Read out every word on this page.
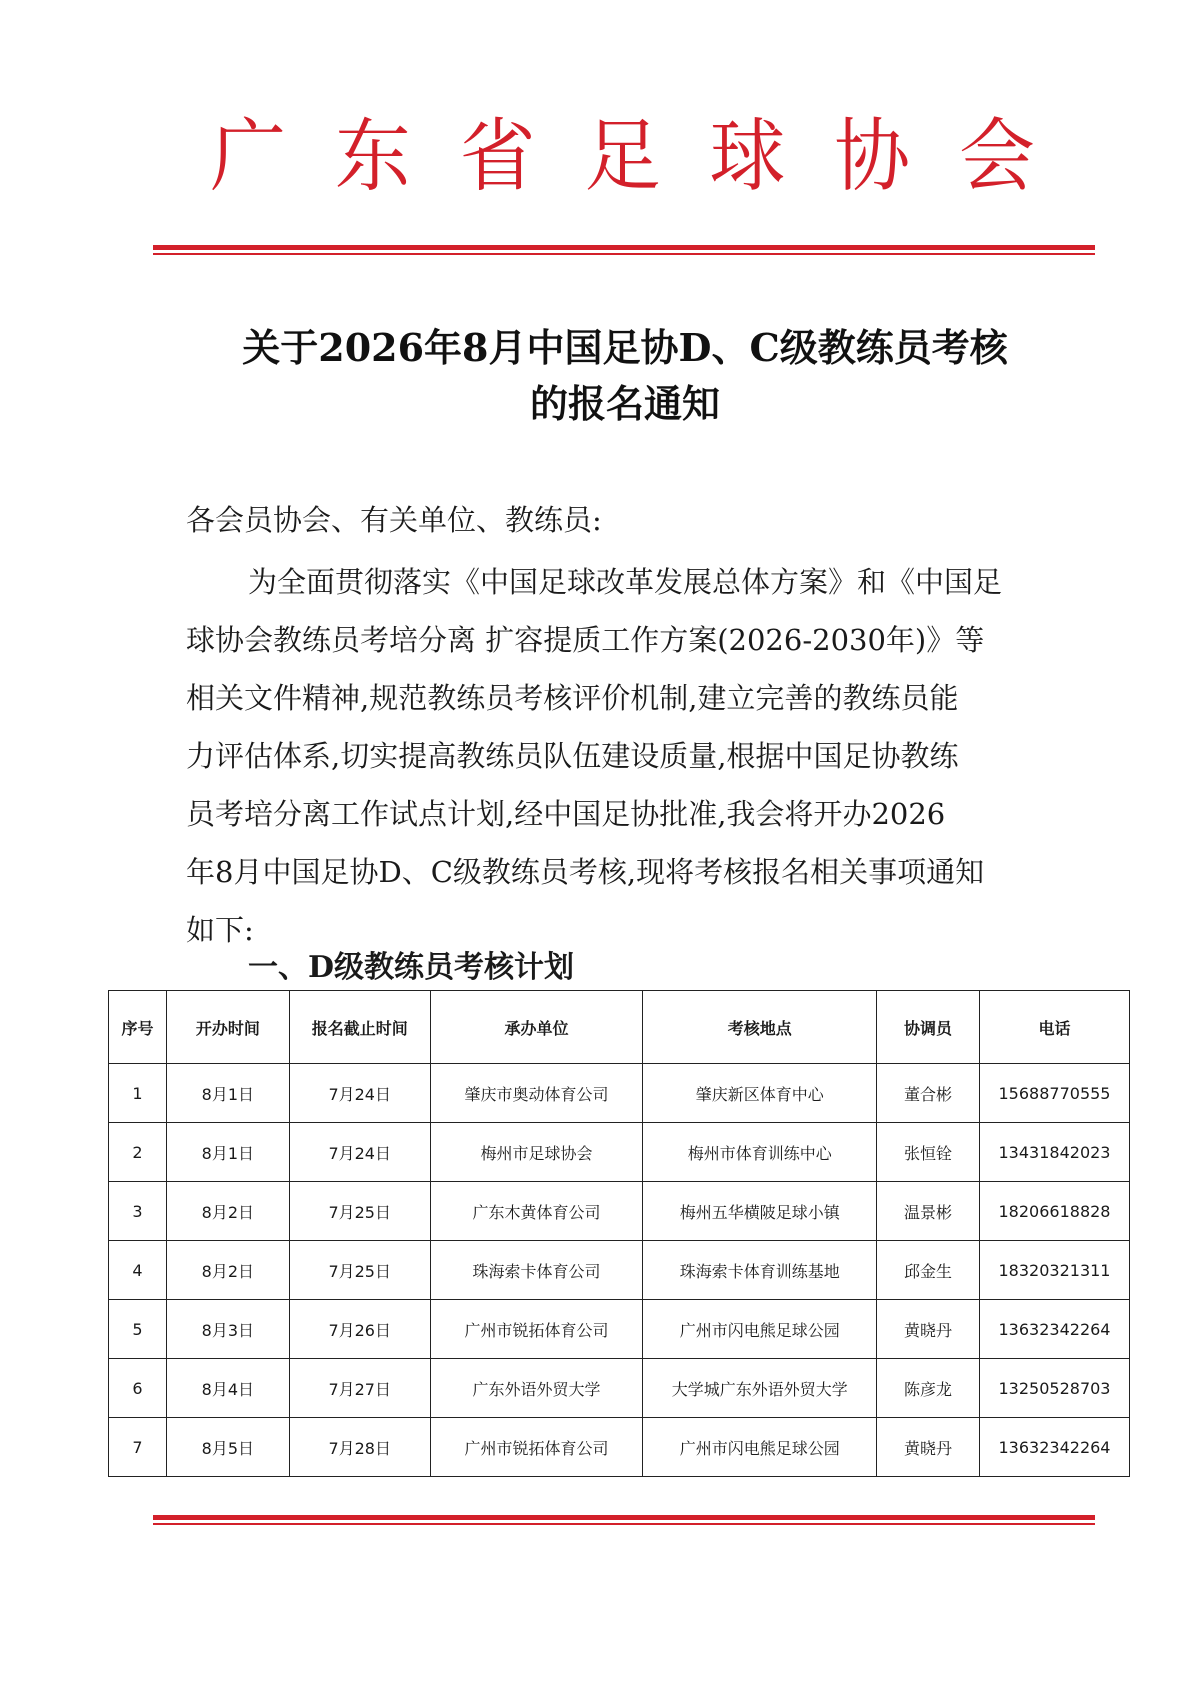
广 东 省 足 球 协 会
关于2026年8月中国足协D、C级教练员考核
的报名通知
各会员协会、有关单位、教练员:
为全面贯彻落实《中国足球改革发展总体方案》和《中国足
球协会教练员考培分离 扩容提质工作方案(2026-2030年)》等
相关文件精神,规范教练员考核评价机制,建立完善的教练员能
力评估体系,切实提高教练员队伍建设质量,根据中国足协教练
员考培分离工作试点计划,经中国足协批准,我会将开办2026
年8月中国足协D、C级教练员考核,现将考核报名相关事项通知
如下:
一、D级教练员考核计划
序号	开办时间	报名截止时间	承办单位	考核地点	协调员	电话
1	8月1日	7月24日	肇庆市奥动体育公司	肇庆新区体育中心	董合彬	15688770555
2	8月1日	7月24日	梅州市足球协会	梅州市体育训练中心	张恒铨	13431842023
3	8月2日	7月25日	广东木黄体育公司	梅州五华横陂足球小镇	温景彬	18206618828
4	8月2日	7月25日	珠海索卡体育公司	珠海索卡体育训练基地	邱金生	18320321311
5	8月3日	7月26日	广州市锐拓体育公司	广州市闪电熊足球公园	黄晓丹	13632342264
6	8月4日	7月27日	广东外语外贸大学	大学城广东外语外贸大学	陈彦龙	13250528703
7	8月5日	7月28日	广州市锐拓体育公司	广州市闪电熊足球公园	黄晓丹	13632342264
